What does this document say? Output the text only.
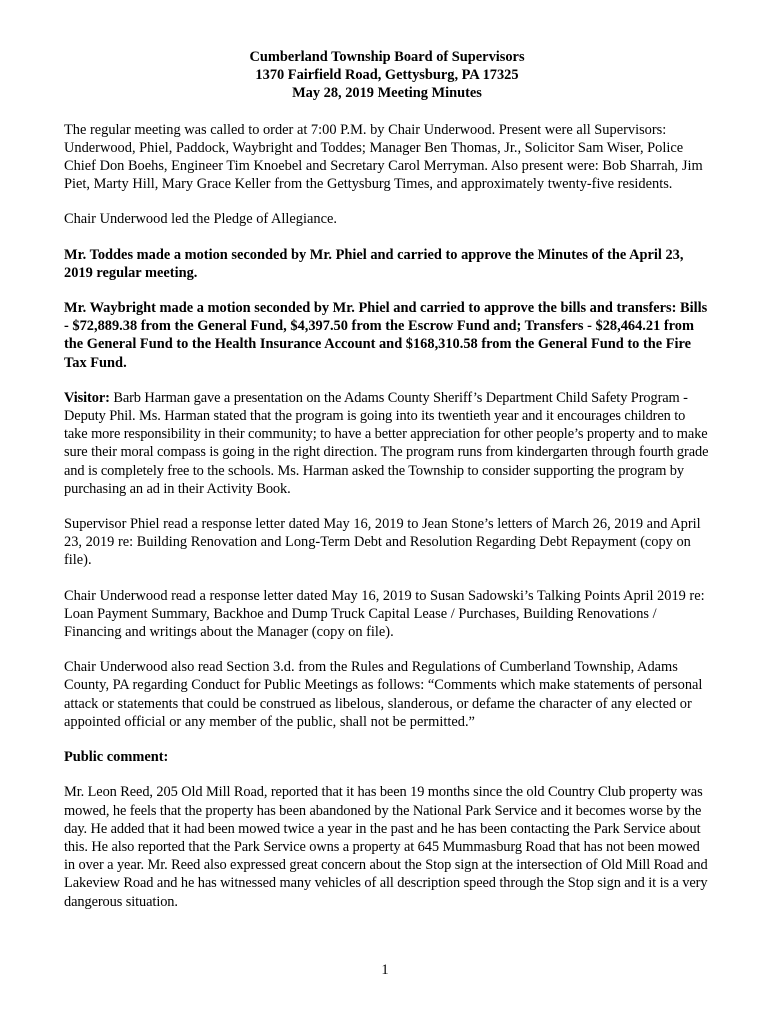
Cumberland Township Board of Supervisors
1370 Fairfield Road, Gettysburg, PA 17325
May 28, 2019 Meeting Minutes

The regular meeting was called to order at 7:00 P.M. by Chair Underwood. Present were all Supervisors: Underwood, Phiel, Paddock, Waybright and Toddes; Manager Ben Thomas, Jr., Solicitor Sam Wiser, Police Chief Don Boehs, Engineer Tim Knoebel and Secretary Carol Merryman. Also present were: Bob Sharrah, Jim Piet, Marty Hill, Mary Grace Keller from the Gettysburg Times, and approximately twenty-five residents.

Chair Underwood led the Pledge of Allegiance.

Mr. Toddes made a motion seconded by Mr. Phiel and carried to approve the Minutes of the April 23, 2019 regular meeting.

Mr. Waybright made a motion seconded by Mr. Phiel and carried to approve the bills and transfers: Bills - $72,889.38 from the General Fund, $4,397.50 from the Escrow Fund and; Transfers - $28,464.21 from the General Fund to the Health Insurance Account and $168,310.58 from the General Fund to the Fire Tax Fund.

Visitor: Barb Harman gave a presentation on the Adams County Sheriff’s Department Child Safety Program - Deputy Phil. Ms. Harman stated that the program is going into its twentieth year and it encourages children to take more responsibility in their community; to have a better appreciation for other people’s property and to make sure their moral compass is going in the right direction. The program runs from kindergarten through fourth grade and is completely free to the schools. Ms. Harman asked the Township to consider supporting the program by purchasing an ad in their Activity Book.

Supervisor Phiel read a response letter dated May 16, 2019 to Jean Stone’s letters of March 26, 2019 and April 23, 2019 re: Building Renovation and Long-Term Debt and Resolution Regarding Debt Repayment (copy on file).

Chair Underwood read a response letter dated May 16, 2019 to Susan Sadowski’s Talking Points April 2019 re: Loan Payment Summary, Backhoe and Dump Truck Capital Lease / Purchases, Building Renovations / Financing and writings about the Manager (copy on file).

Chair Underwood also read Section 3.d. from the Rules and Regulations of Cumberland Township, Adams County, PA regarding Conduct for Public Meetings as follows: “Comments which make statements of personal attack or statements that could be construed as libelous, slanderous, or defame the character of any elected or appointed official or any member of the public, shall not be permitted.”

Public comment:

Mr. Leon Reed, 205 Old Mill Road, reported that it has been 19 months since the old Country Club property was mowed, he feels that the property has been abandoned by the National Park Service and it becomes worse by the day. He added that it had been mowed twice a year in the past and he has been contacting the Park Service about this. He also reported that the Park Service owns a property at 645 Mummasburg Road that has not been mowed in over a year. Mr. Reed also expressed great concern about the Stop sign at the intersection of Old Mill Road and Lakeview Road and he has witnessed many vehicles of all description speed through the Stop sign and it is a very dangerous situation.

1
